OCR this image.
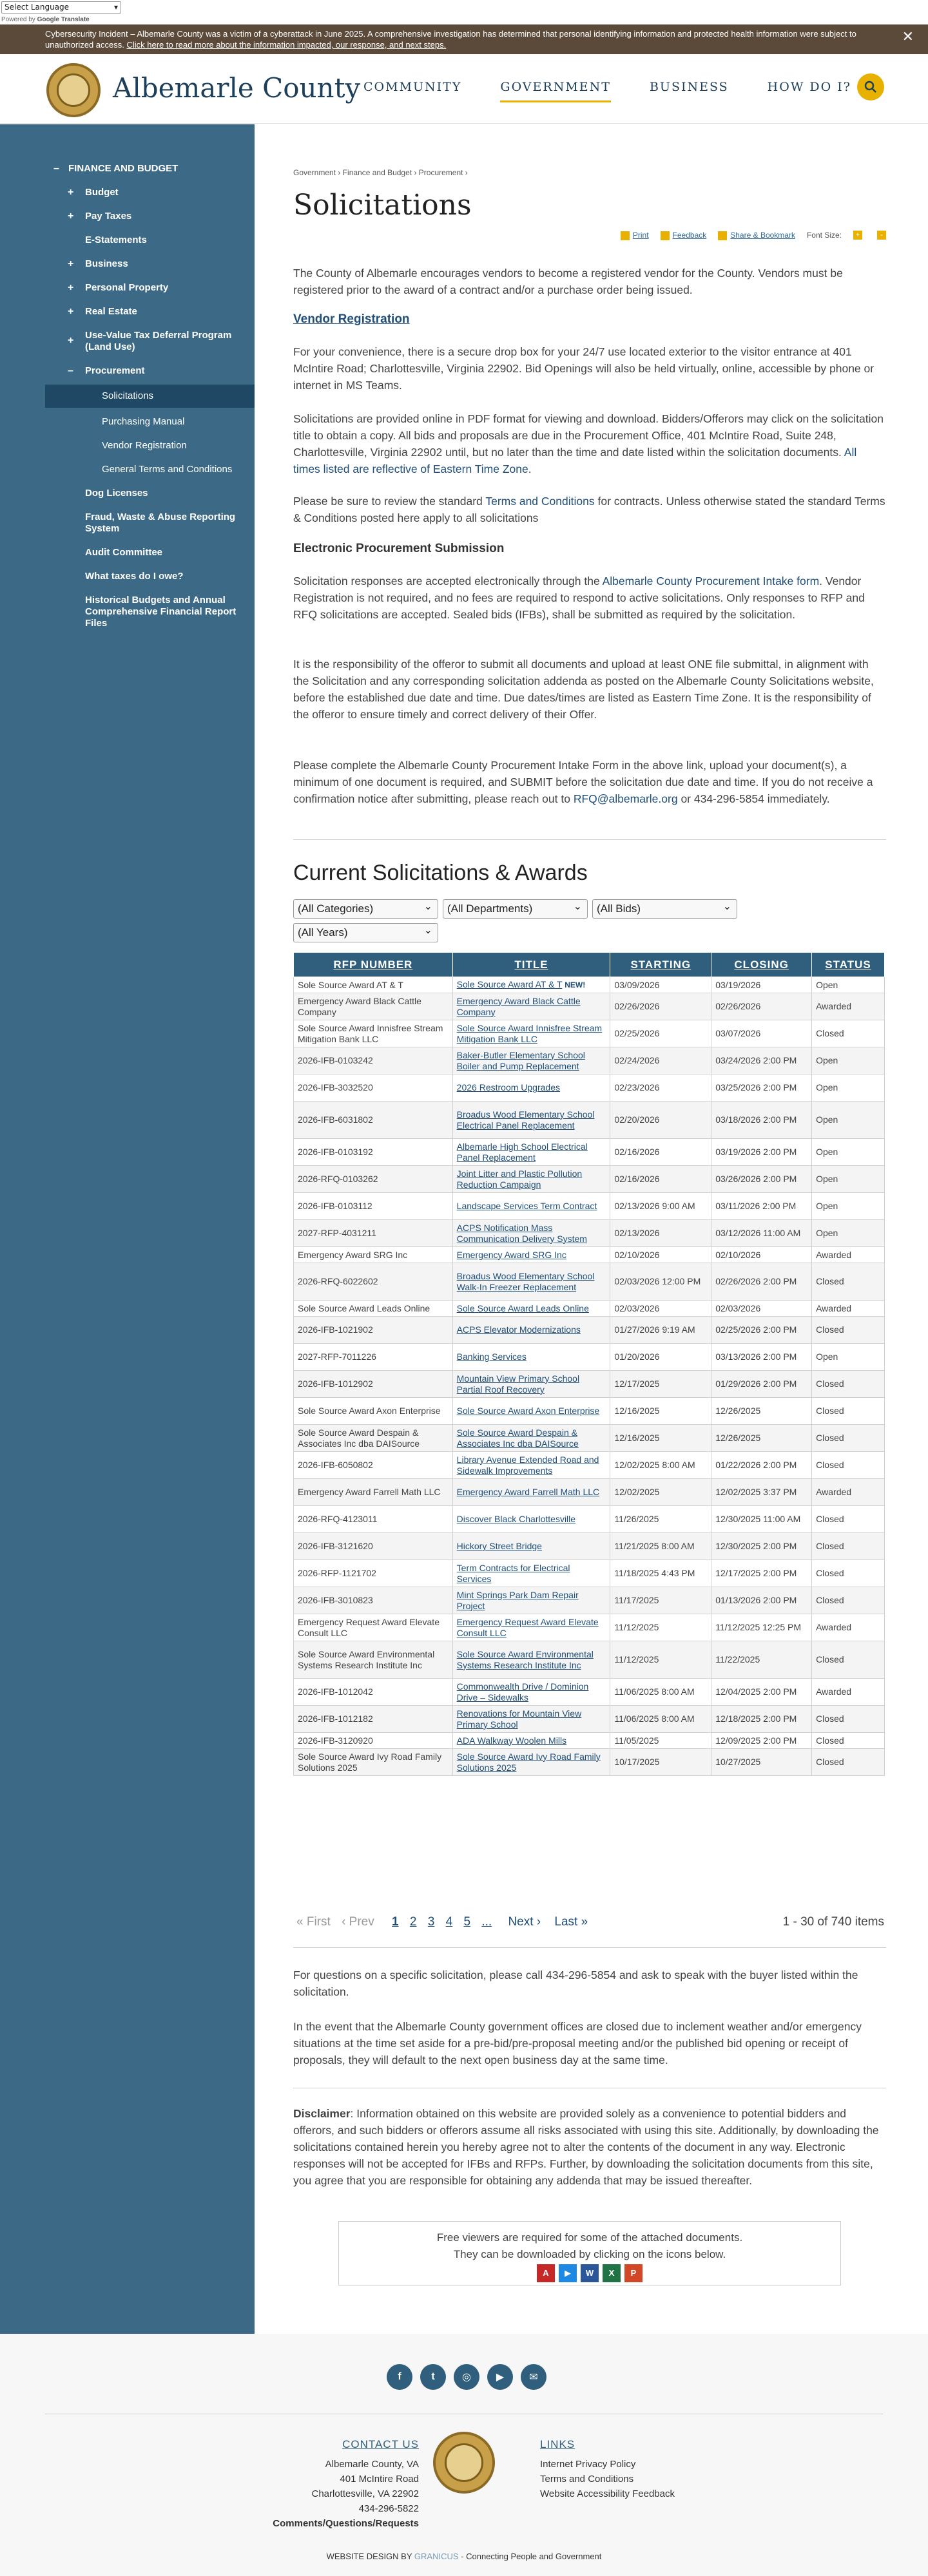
Select Language	▾
Powered by Google Translate
Cybersecurity Incident – Albemarle County was a victim of a cyberattack in June 2025. A comprehensive investigation has determined that personal identifying information and protected health information were subject to unauthorized access. Click here to read more about the information impacted, our response, and next steps.
✕
Albemarle County COMMUNITY	GOVERNMENT	BUSINESS	HOW DO I?
– FINANCE AND BUDGET
+ Budget
+ Pay Taxes
E-Statements
+ Business
+ Personal Property
+ Real Estate
+ Use-Value Tax Deferral Program (Land Use)
– Procurement
Solicitations
Purchasing Manual
Vendor Registration
General Terms and Conditions
Dog Licenses
Fraud, Waste & Abuse Reporting System
Audit Committee
What taxes do I owe?
Historical Budgets and Annual Comprehensive Financial Report Files
Government › Finance and Budget › Procurement ›
Solicitations
Print	Feedback	Share & Bookmark Font Size:	+	-

The County of Albemarle encourages vendors to become a registered vendor for the County. Vendors must be registered prior to the award of a contract and/or a purchase order being issued.

Vendor Registration

For your convenience, there is a secure drop box for your 24/7 use located exterior to the visitor entrance at 401 McIntire Road; Charlottesville, Virginia 22902. Bid Openings will also be held virtually, online, accessible by phone or internet in MS Teams.

Solicitations are provided online in PDF format for viewing and download. Bidders/Offerors may click on the solicitation title to obtain a copy. All bids and proposals are due in the Procurement Office, 401 McIntire Road, Suite 248, Charlottesville, Virginia 22902 until, but no later than the time and date listed within the solicitation documents. All times listed are reflective of Eastern Time Zone.

Please be sure to review the standard Terms and Conditions for contracts. Unless otherwise stated the standard Terms & Conditions posted here apply to all solicitations

Electronic Procurement Submission

Solicitation responses are accepted electronically through the Albemarle County Procurement Intake form. Vendor Registration is not required, and no fees are required to respond to active solicitations. Only responses to RFP and RFQ solicitations are accepted. Sealed bids (IFBs), shall be submitted as required by the solicitation.

It is the responsibility of the offeror to submit all documents and upload at least ONE file submittal, in alignment with the Solicitation and any corresponding solicitation addenda as posted on the Albemarle County Solicitations website, before the established due date and time. Due dates/times are listed as Eastern Time Zone. It is the responsibility of the offeror to ensure timely and correct delivery of their Offer.

Please complete the Albemarle County Procurement Intake Form in the above link, upload your document(s), a minimum of one document is required, and SUBMIT before the solicitation due date and time. If you do not receive a confirmation notice after submitting, please reach out to RFQ@albemarle.org or 434-296-5854 immediately.

Current Solicitations & Awards
(All Categories) ⌄	(All Departments) ⌄	(All Bids) ⌄
(All Years) ⌄
RFP NUMBER	TITLE	STARTING	CLOSING	STATUS
Sole Source Award AT & T	Sole Source Award AT & T NEW!	03/09/2026	03/19/2026	Open
Emergency Award Black Cattle Company	Emergency Award Black Cattle Company	02/26/2026	02/26/2026	Awarded
Sole Source Award Innisfree Stream Mitigation Bank LLC	Sole Source Award Innisfree Stream Mitigation Bank LLC	02/25/2026	03/07/2026	Closed
2026-IFB-0103242	Baker-Butler Elementary School Boiler and Pump Replacement	02/24/2026	03/24/2026 2:00 PM	Open
2026-IFB-3032520	2026 Restroom Upgrades	02/23/2026	03/25/2026 2:00 PM	Open
2026-IFB-6031802	Broadus Wood Elementary School Electrical Panel Replacement	02/20/2026	03/18/2026 2:00 PM	Open
2026-IFB-0103192	Albemarle High School Electrical Panel Replacement	02/16/2026	03/19/2026 2:00 PM	Open
2026-RFQ-0103262	Joint Litter and Plastic Pollution Reduction Campaign	02/16/2026	03/26/2026 2:00 PM	Open
2026-IFB-0103112	Landscape Services Term Contract	02/13/2026 9:00 AM	03/11/2026 2:00 PM	Open
2027-RFP-4031211	ACPS Notification Mass Communication Delivery System	02/13/2026	03/12/2026 11:00 AM	Open
Emergency Award SRG Inc	Emergency Award SRG Inc	02/10/2026	02/10/2026	Awarded
2026-RFQ-6022602	Broadus Wood Elementary School Walk-In Freezer Replacement	02/03/2026 12:00 PM	02/26/2026 2:00 PM	Closed
Sole Source Award Leads Online	Sole Source Award Leads Online	02/03/2026	02/03/2026	Awarded
2026-IFB-1021902	ACPS Elevator Modernizations	01/27/2026 9:19 AM	02/25/2026 2:00 PM	Closed
2027-RFP-7011226	Banking Services	01/20/2026	03/13/2026 2:00 PM	Open
2026-IFB-1012902	Mountain View Primary School Partial Roof Recovery	12/17/2025	01/29/2026 2:00 PM	Closed
Sole Source Award Axon Enterprise	Sole Source Award Axon Enterprise	12/16/2025	12/26/2025	Closed
Sole Source Award Despain & Associates Inc dba DAISource	Sole Source Award Despain & Associates Inc dba DAISource	12/16/2025	12/26/2025	Closed
2026-IFB-6050802	Library Avenue Extended Road and Sidewalk Improvements	12/02/2025 8:00 AM	01/22/2026 2:00 PM	Closed
Emergency Award Farrell Math LLC	Emergency Award Farrell Math LLC	12/02/2025	12/02/2025 3:37 PM	Awarded
2026-RFQ-4123011	Discover Black Charlottesville	11/26/2025	12/30/2025 11:00 AM	Closed
2026-IFB-3121620	Hickory Street Bridge	11/21/2025 8:00 AM	12/30/2025 2:00 PM	Closed
2026-RFP-1121702	Term Contracts for Electrical Services	11/18/2025 4:43 PM	12/17/2025 2:00 PM	Closed
2026-IFB-3010823	Mint Springs Park Dam Repair Project	11/17/2025	01/13/2026 2:00 PM	Closed
Emergency Request Award Elevate Consult LLC	Emergency Request Award Elevate Consult LLC	11/12/2025	11/12/2025 12:25 PM	Awarded
Sole Source Award Environmental Systems Research Institute Inc	Sole Source Award Environmental Systems Research Institute Inc	11/12/2025	11/22/2025	Closed
2026-IFB-1012042	Commonwealth Drive / Dominion Drive – Sidewalks	11/06/2025 8:00 AM	12/04/2025 2:00 PM	Awarded
2026-IFB-1012182	Renovations for Mountain View Primary School	11/06/2025 8:00 AM	12/18/2025 2:00 PM	Closed
2026-IFB-3120920	ADA Walkway Woolen Mills	11/05/2025	12/09/2025 2:00 PM	Closed
Sole Source Award Ivy Road Family Solutions 2025	Sole Source Award Ivy Road Family Solutions 2025	10/17/2025	10/27/2025	Closed
« First ‹ Prev 1 2 3 4 5 ... Next › Last »	1 - 30 of 740 items

For questions on a specific solicitation, please call 434-296-5854 and ask to speak with the buyer listed within the solicitation.

In the event that the Albemarle County government offices are closed due to inclement weather and/or emergency situations at the time set aside for a pre-bid/pre-proposal meeting and/or the published bid opening or receipt of proposals, they will default to the next open business day at the same time.

Disclaimer: Information obtained on this website are provided solely as a convenience to potential bidders and offerors, and such bidders or offerors assume all risks associated with using this site. Additionally, by downloading the solicitations contained herein you hereby agree not to alter the contents of the document in any way. Electronic responses will not be accepted for IFBs and RFPs. Further, by downloading the solicitation documents from this site, you agree that you are responsible for obtaining any addenda that may be issued thereafter.

Free viewers are required for some of the attached documents.
They can be downloaded by clicking on the icons below.
A	▶	W	X	P
f	t	◎	▶	✉
CONTACT US
Albemarle County, VA
401 McIntire Road
Charlottesville, VA 22902
434-296-5822
Comments/Questions/Requests
LINKS
Internet Privacy Policy
Terms and Conditions
Website Accessibility Feedback
WEBSITE DESIGN BY GRANICUS - Connecting People and Government
